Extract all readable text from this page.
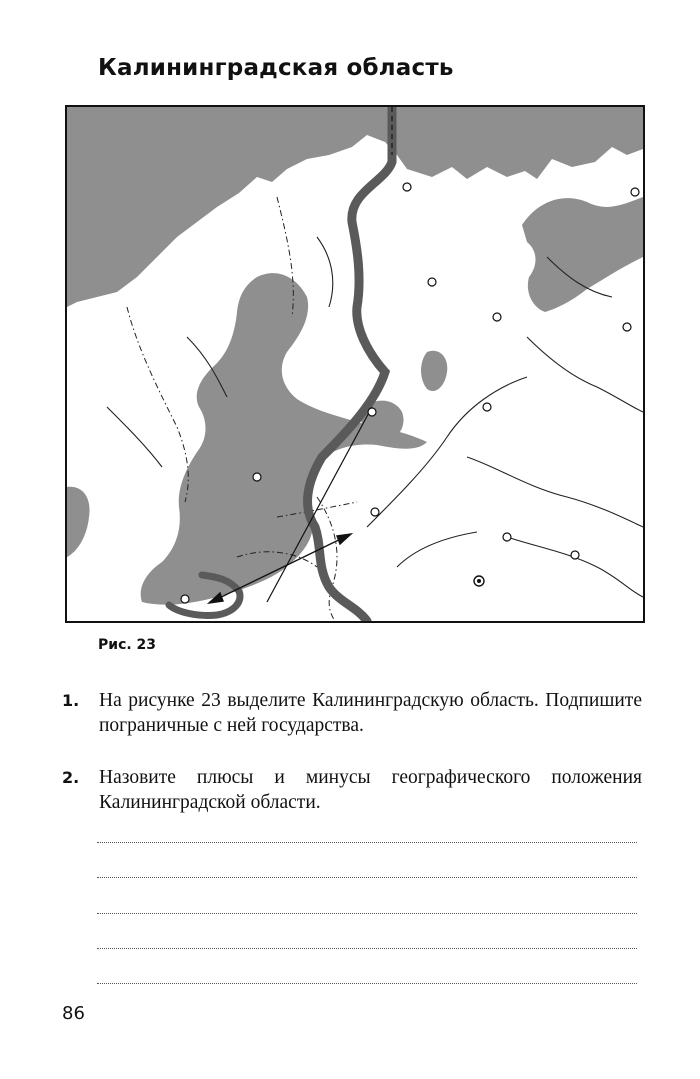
Калининградская область
Рис. 23
1. На рисунке 23 выделите Калининградскую область. Подпишите пограничные с ней государства.
2. Назовите плюсы и минусы географического положения Калининградской области.
86
